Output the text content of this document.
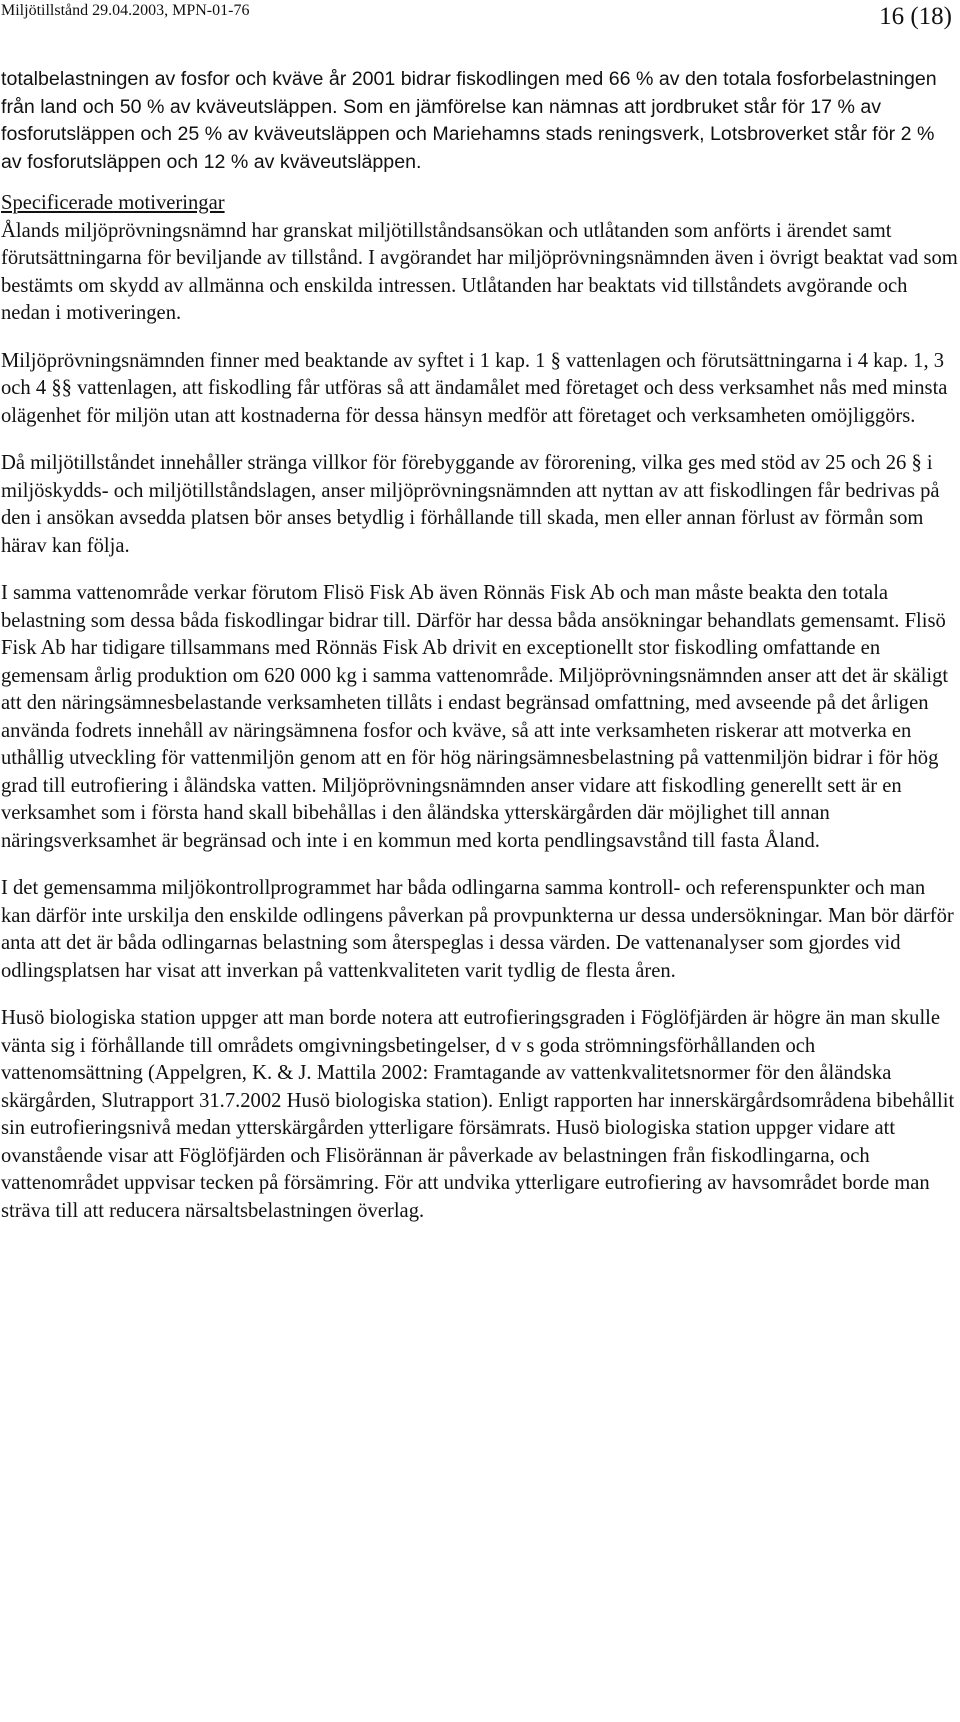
Miljötillstånd 29.04.2003, MPN-01-76	16 (18)

totalbelastningen av fosfor och kväve år 2001 bidrar fiskodlingen med 66 % av den totala fosforbelastningen från land och 50 % av kväveutsläppen. Som en jämförelse kan nämnas att jordbruket står för 17 % av fosforutsläppen och 25 % av kväveutsläppen och Mariehamns stads reningsverk, Lotsbroverket står för 2 % av fosforutsläppen och 12 % av kväveutsläppen.

Specificerade motiveringar

Ålands miljöprövningsnämnd har granskat miljötillståndsansökan och utlåtanden som anförts i ärendet samt förutsättningarna för beviljande av tillstånd. I avgörandet har miljöprövningsnämnden även i övrigt beaktat vad som bestämts om skydd av allmänna och enskilda intressen. Utlåtanden har beaktats vid tillståndets avgörande och nedan i motiveringen.

Miljöprövningsnämnden finner med beaktande av syftet i 1 kap. 1 § vattenlagen och förutsättningarna i 4 kap. 1, 3 och 4 §§ vattenlagen, att fiskodling får utföras så att ändamålet med företaget och dess verksamhet nås med minsta olägenhet för miljön utan att kostnaderna för dessa hänsyn medför att företaget och verksamheten omöjliggörs.

Då miljötillståndet innehåller stränga villkor för förebyggande av förorening, vilka ges med stöd av 25 och 26 § i miljöskydds- och miljötillståndslagen, anser miljöprövningsnämnden att nyttan av att fiskodlingen får bedrivas på den i ansökan avsedda platsen bör anses betydlig i förhållande till skada, men eller annan förlust av förmån som härav kan följa.

I samma vattenområde verkar förutom Flisö Fisk Ab även Rönnäs Fisk Ab och man måste beakta den totala belastning som dessa båda fiskodlingar bidrar till. Därför har dessa båda ansökningar behandlats gemensamt. Flisö Fisk Ab har tidigare tillsammans med Rönnäs Fisk Ab drivit en exceptionellt stor fiskodling omfattande en gemensam årlig produktion om 620 000 kg i samma vattenområde. Miljöprövningsnämnden anser att det är skäligt att den näringsämnesbelastande verksamheten tillåts i endast begränsad omfattning, med avseende på det årligen använda fodrets innehåll av näringsämnena fosfor och kväve, så att inte verksamheten riskerar att motverka en uthållig utveckling för vattenmiljön genom att en för hög näringsämnesbelastning på vattenmiljön bidrar i för hög grad till eutrofiering i åländska vatten. Miljöprövningsnämnden anser vidare att fiskodling generellt sett är en verksamhet som i första hand skall bibehållas i den åländska ytterskärgården där möjlighet till annan näringsverksamhet är begränsad och inte i en kommun med korta pendlingsavstånd till fasta Åland.

I det gemensamma miljökontrollprogrammet har båda odlingarna samma kontroll- och referenspunkter och man kan därför inte urskilja den enskilde odlingens påverkan på provpunkterna ur dessa undersökningar. Man bör därför anta att det är båda odlingarnas belastning som återspeglas i dessa värden. De vattenanalyser som gjordes vid odlingsplatsen har visat att inverkan på vattenkvaliteten varit tydlig de flesta åren.

Husö biologiska station uppger att man borde notera att eutrofieringsgraden i Föglöfjärden är högre än man skulle vänta sig i förhållande till områdets omgivningsbetingelser, d v s goda strömningsförhållanden och vattenomsättning (Appelgren, K. & J. Mattila 2002: Framtagande av vattenkvalitetsnormer för den åländska skärgården, Slutrapport 31.7.2002 Husö biologiska station). Enligt rapporten har innerskärgårdsområdena bibehållit sin eutrofieringsnivå medan ytterskärgården ytterligare försämrats. Husö biologiska station uppger vidare att ovanstående visar att Föglöfjärden och Flisörännan är påverkade av belastningen från fiskodlingarna, och vattenområdet uppvisar tecken på försämring. För att undvika ytterligare eutrofiering av havsområdet borde man sträva till att reducera närsaltsbelastningen överlag.
